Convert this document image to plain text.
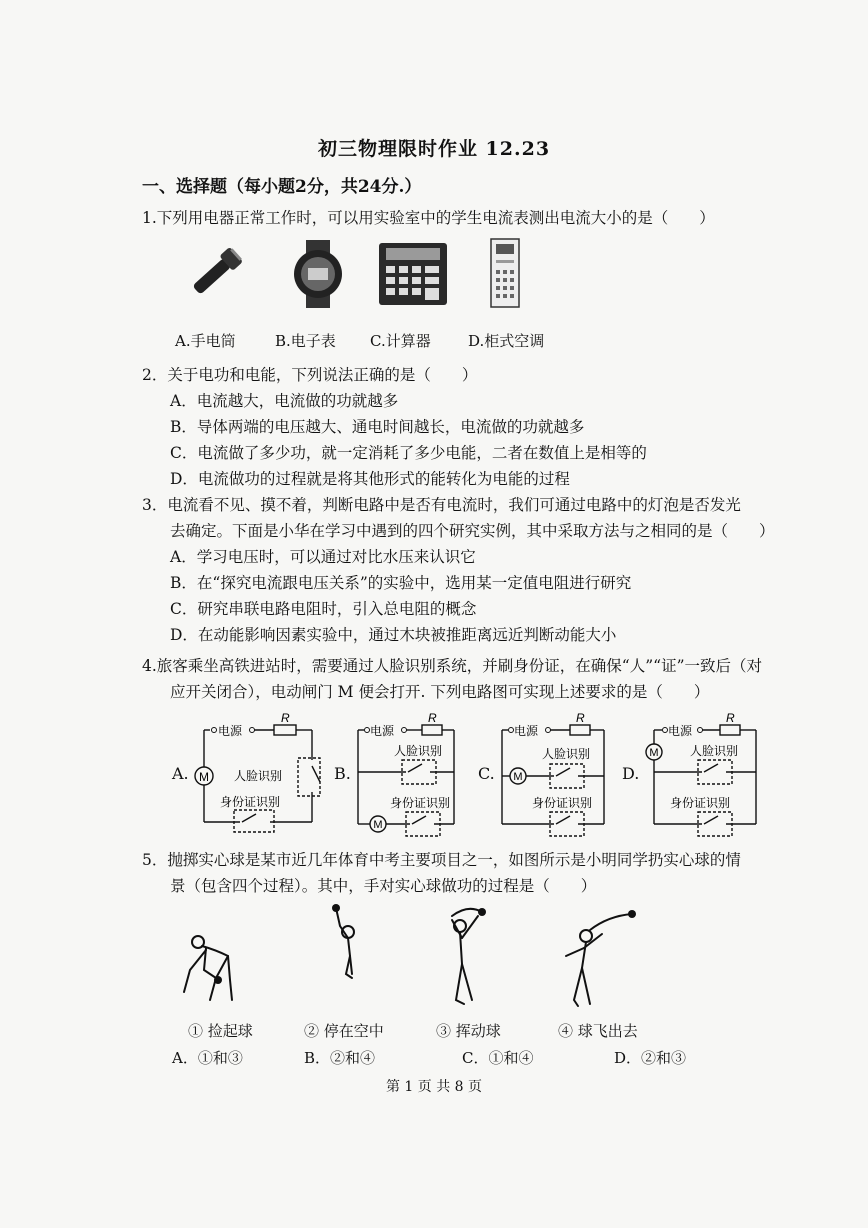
初三物理限时作业 12.23
一、选择题（每小题2分，共24分.）
1.下列用电器正常工作时，可以用实验室中的学生电流表测出电流大小的是（　　）
A.手电筒	B.电子表 C.计算器 D.柜式空调
2．关于电功和电能，下列说法正确的是（　　）
A．电流越大，电流做的功就越多
B．导体两端的电压越大、通电时间越长，电流做的功就越多
C．电流做了多少功，就一定消耗了多少电能，二者在数值上是相等的
D．电流做功的过程就是将其他形式的能转化为电能的过程
3．电流看不见、摸不着，判断电路中是否有电流时，我们可通过电路中的灯泡是否发光
去确定。下面是小华在学习中遇到的四个研究实例，其中采取方法与之相同的是（　　）
A．学习电压时，可以通过对比水压来认识它
B．在“探究电流跟电压关系”的实验中，选用某一定值电阻进行研究
C．研究串联电路电阻时，引入总电阻的概念
D．在动能影响因素实验中，通过木块被推距离远近判断动能大小
4.旅客乘坐高铁进站时，需要通过人脸识别系统，并刷身份证，在确保“人”“证”一致后（对
应开关闭合），电动闸门 M 便会打开. 下列电路图可实现上述要求的是（　　）
A. M
电源
R
人脸识别
身份证识别
B.
M
电源
R
人脸识别
身份证识别
C. M
电源
R
人脸识别
身份证识别
D.
M
电源
R
人脸识别
身份证识别
5．抛掷实心球是某市近几年体育中考主要项目之一，如图所示是小明同学扔实心球的情
景（包含四个过程）。其中，手对实心球做功的过程是（　　）
① 捡起球	② 停在空中	③ 挥动球	④ 球飞出去
A．①和③	B．②和④	C．①和④	D．②和③
第 1 页 共 8 页
